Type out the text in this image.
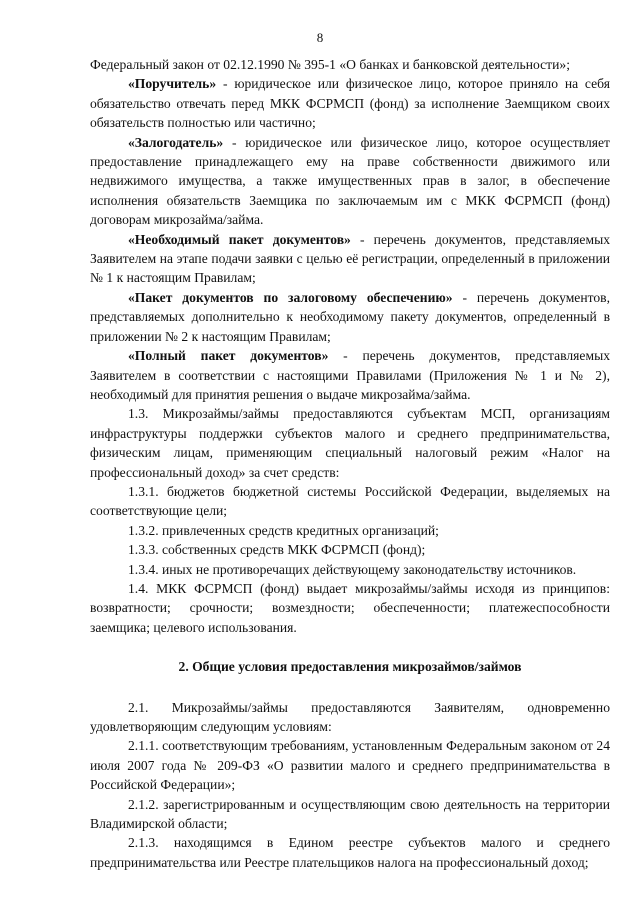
8

Федеральный закон от 02.12.1990 № 395-1 «О банках и банковской деятельности»;

«Поручитель» - юридическое или физическое лицо, которое приняло на себя обязательство отвечать перед МКК ФСРМСП (фонд) за исполнение Заемщиком своих обязательств полностью или частично;

«Залогодатель» - юридическое или физическое лицо, которое осуществляет предоставление принадлежащего ему на праве собственности движимого или недвижимого имущества, а также имущественных прав в залог, в обеспечение исполнения обязательств Заемщика по заключаемым им с МКК ФСРМСП (фонд) договорам микрозайма/займа.

«Необходимый пакет документов» - перечень документов, представляемых Заявителем на этапе подачи заявки с целью её регистрации, определенный в приложении № 1 к настоящим Правилам;

«Пакет документов по залоговому обеспечению» - перечень документов, представляемых дополнительно к необходимому пакету документов, определенный в приложении № 2 к настоящим Правилам;

«Полный пакет документов» - перечень документов, представляемых Заявителем в соответствии с настоящими Правилами (Приложения № 1 и № 2), необходимый для принятия решения о выдаче микрозайма/займа.

1.3. Микрозаймы/займы предоставляются субъектам МСП, организациям инфраструктуры поддержки субъектов малого и среднего предпринимательства, физическим лицам, применяющим специальный налоговый режим «Налог на профессиональный доход» за счет средств:

1.3.1. бюджетов бюджетной системы Российской Федерации, выделяемых на соответствующие цели;

1.3.2. привлеченных средств кредитных организаций;

1.3.3. собственных средств МКК ФСРМСП (фонд);

1.3.4. иных не противоречащих действующему законодательству источников.

1.4. МКК ФСРМСП (фонд) выдает микрозаймы/займы исходя из принципов: возвратности; срочности; возмездности; обеспеченности; платежеспособности заемщика; целевого использования.

2. Общие условия предоставления микрозаймов/займов

2.1. Микрозаймы/займы предоставляются Заявителям, одновременно удовлетворяющим следующим условиям:

2.1.1. соответствующим требованиям, установленным Федеральным законом от 24 июля 2007 года № 209-ФЗ «О развитии малого и среднего предпринимательства в Российской Федерации»;

2.1.2. зарегистрированным и осуществляющим свою деятельность на территории Владимирской области;

2.1.3. находящимся в Едином реестре субъектов малого и среднего предпринимательства или Реестре плательщиков налога на профессиональный доход;
